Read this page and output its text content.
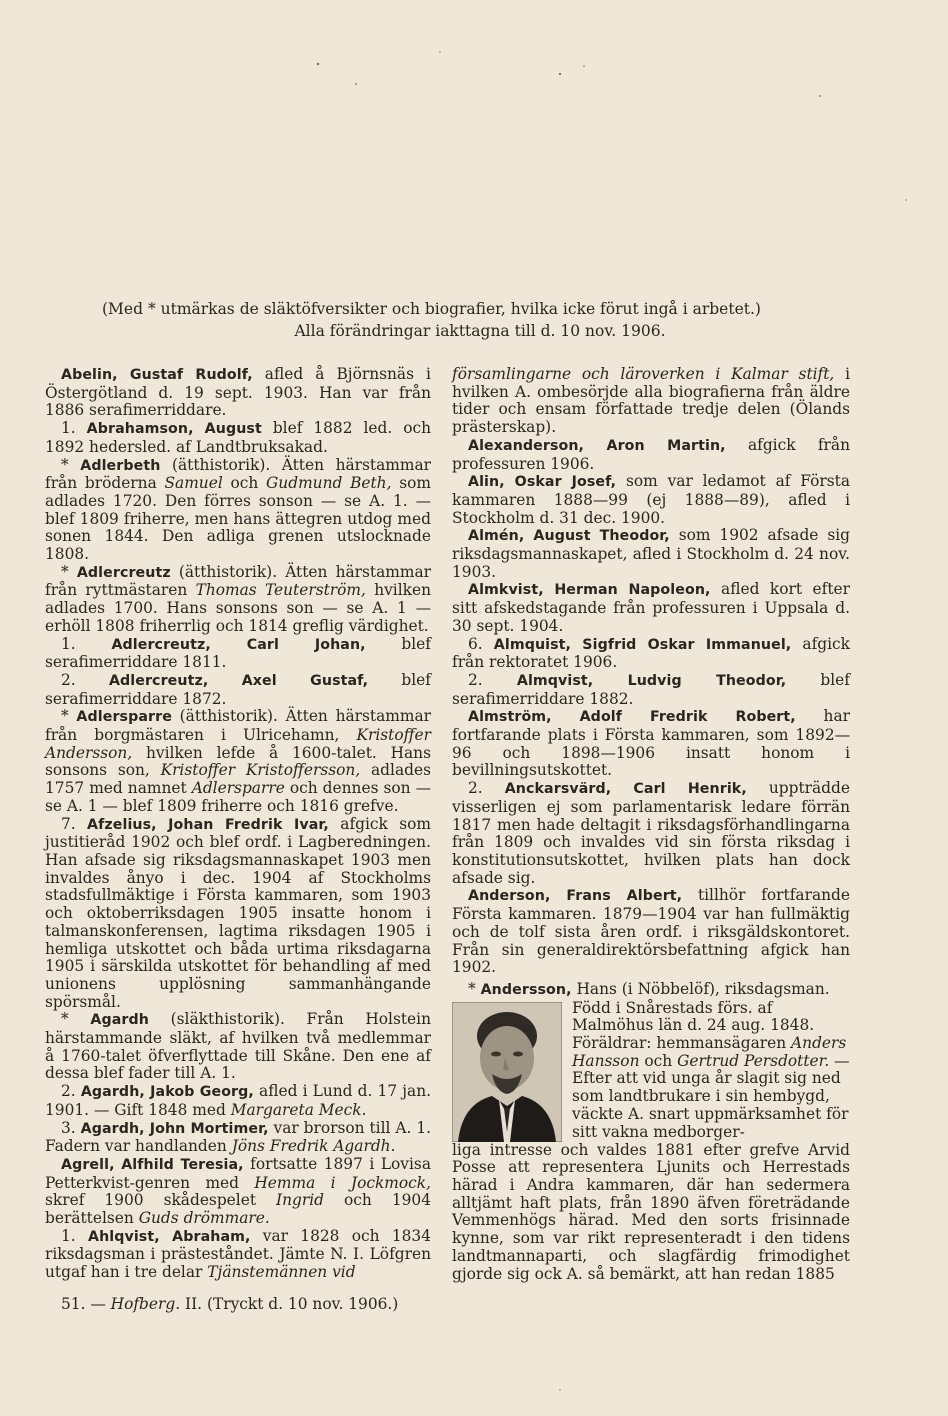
(Med * utmärkas de släktöfversikter och biografier, hvilka icke förut ingå i arbetet.)

Alla förändringar iakttagna till d. 10 nov. 1906.

Abelin, Gustaf Rudolf, afled å Björnsnäs i Östergötland d. 19 sept. 1903. Han var från 1886 serafimerriddare.

1. Abrahamson, August blef 1882 led. och 1892 hedersled. af Landtbruksakad.

* Adlerbeth (ätthistorik). Ätten härstammar från bröderna Samuel och Gudmund Beth, som adlades 1720. Den förres sonson — se A. 1. — blef 1809 friherre, men hans ättegren utdog med sonen 1844. Den adliga grenen utslocknade 1808.

* Adlercreutz (ätthistorik). Ätten härstammar från ryttmästaren Thomas Teuterström, hvilken adlades 1700. Hans sonsons son — se A. 1 — erhöll 1808 friherrlig och 1814 greflig värdighet.

1. Adlercreutz, Carl Johan, blef serafimerriddare 1811.

2. Adlercreutz, Axel Gustaf, blef serafimerriddare 1872.

* Adlersparre (ätthistorik). Ätten härstammar från borgmästaren i Ulricehamn, Kristoffer Andersson, hvilken lefde å 1600-talet. Hans sonsons son, Kristoffer Kristoffersson, adlades 1757 med namnet Adlersparre och dennes son — se A. 1 — blef 1809 friherre och 1816 grefve.

7. Afzelius, Johan Fredrik Ivar, afgick som justitieråd 1902 och blef ordf. i Lagberedningen. Han afsade sig riksdagsmannaskapet 1903 men invaldes ånyo i dec. 1904 af Stockholms stadsfullmäktige i Första kammaren, som 1903 och oktoberriksdagen 1905 insatte honom i talmanskonferensen, lagtima riksdagen 1905 i hemliga utskottet och båda urtima riksdagarna 1905 i särskilda utskottet för behandling af med unionens upplösning sammanhängande spörsmål.

* Agardh (släkthistorik). Från Holstein härstammande släkt, af hvilken två medlemmar å 1760-talet öfverflyttade till Skåne. Den ene af dessa blef fader till A. 1.

2. Agardh, Jakob Georg, afled i Lund d. 17 jan. 1901. — Gift 1848 med Margareta Meck.

3. Agardh, John Mortimer, var brorson till A. 1. Fadern var handlanden Jöns Fredrik Agardh.

Agrell, Alfhild Teresia, fortsatte 1897 i Lovisa Petterkvist-genren med Hemma i Jockmock, skref 1900 skådespelet Ingrid och 1904 berättelsen Guds drömmare.

1. Ahlqvist, Abraham, var 1828 och 1834 riksdagsman i prästeståndet. Jämte N. I. Löfgren utgaf han i tre delar Tjänstemännen vid

51. — Hofberg. II. (Tryckt d. 10 nov. 1906.)

församlingarne och läroverken i Kalmar stift, i hvilken A. ombesörjde alla biografierna från äldre tider och ensam författade tredje delen (Ölands prästerskap).

Alexanderson, Aron Martin, afgick från professuren 1906.

Alin, Oskar Josef, som var ledamot af Första kammaren 1888—99 (ej 1888—89), afled i Stockholm d. 31 dec. 1900.

Almén, August Theodor, som 1902 afsade sig riksdagsmannaskapet, afled i Stockholm d. 24 nov. 1903.

Almkvist, Herman Napoleon, afled kort efter sitt afskedstagande från professuren i Uppsala d. 30 sept. 1904.

6. Almquist, Sigfrid Oskar Immanuel, afgick från rektoratet 1906.

2. Almqvist, Ludvig Theodor, blef serafimerriddare 1882.

Almström, Adolf Fredrik Robert, har fortfarande plats i Första kammaren, som 1892—96 och 1898—1906 insatt honom i bevillningsutskottet.

2. Anckarsvärd, Carl Henrik, uppträdde visserligen ej som parlamentarisk ledare förrän 1817 men hade deltagit i riksdagsförhandlingarna från 1809 och invaldes vid sin första riksdag i konstitutionsutskottet, hvilken plats han dock afsade sig.

Anderson, Frans Albert, tillhör fortfarande Första kammaren. 1879—1904 var han fullmäktig och de tolf sista åren ordf. i riksgäldskontoret. Från sin generaldirektörsbefattning afgick han 1902.

* Andersson, Hans (i Nöbbelöf), riksdagsman.

Född i Snårestads förs. af Malmöhus län d. 24 aug. 1848. Föräldrar: hemmansägaren Anders Hansson och Gertrud Persdotter. — Efter att vid unga år slagit sig ned som landtbrukare i sin hembygd, väckte A. snart uppmärksamhet för sitt vakna medborger-

liga intresse och valdes 1881 efter grefve Arvid Posse att representera Ljunits och Herrestads härad i Andra kammaren, där han sedermera alltjämt haft plats, från 1890 äfven företrädande Vemmenhögs härad. Med den sorts frisinnade kynne, som var rikt representeradt i den tidens landtmannaparti, och slagfärdig frimodighet gjorde sig ock A. så bemärkt, att han redan 1885
